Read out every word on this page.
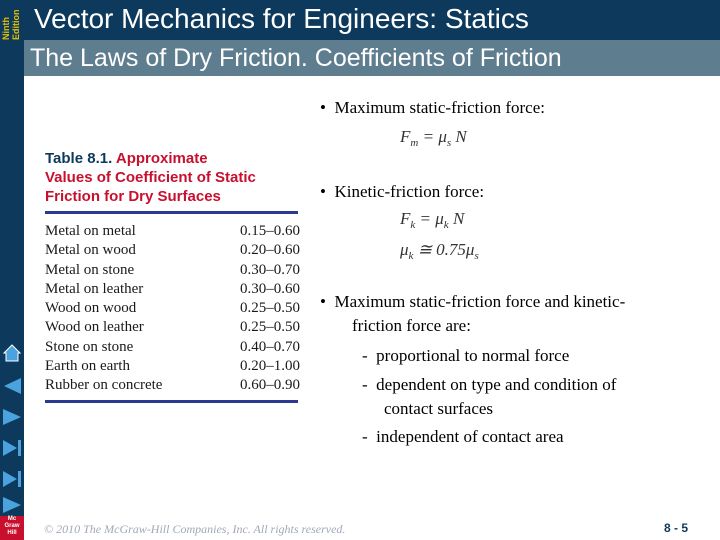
Ninth Edition Vector Mechanics for Engineers: Statics
The Laws of Dry Friction. Coefficients of Friction
Mc
Graw
Hill
Table 8.1. Approximate
Values of Coefficient of Static
Friction for Dry Surfaces
Metal on metal	0.15–0.60
Metal on wood	0.20–0.60
Metal on stone	0.30–0.70
Metal on leather	0.30–0.60
Wood on wood	0.25–0.50
Wood on leather	0.25–0.50
Stone on stone	0.40–0.70
Earth on earth	0.20–1.00
Rubber on concrete	0.60–0.90
•  Maximum static-friction force:
$F_m = \mu_s$ N
•  Kinetic-friction force:
$F_k = \mu_k$ N
$\mu_k$ ≅ $0.75\mu_s$
•  Maximum static-friction force and kinetic-
friction force are:
-  proportional to normal force
-  dependent on type and condition of
contact surfaces
-  independent of contact area
© 2010 The McGraw-Hill Companies, Inc. All rights reserved.	8 - 5
